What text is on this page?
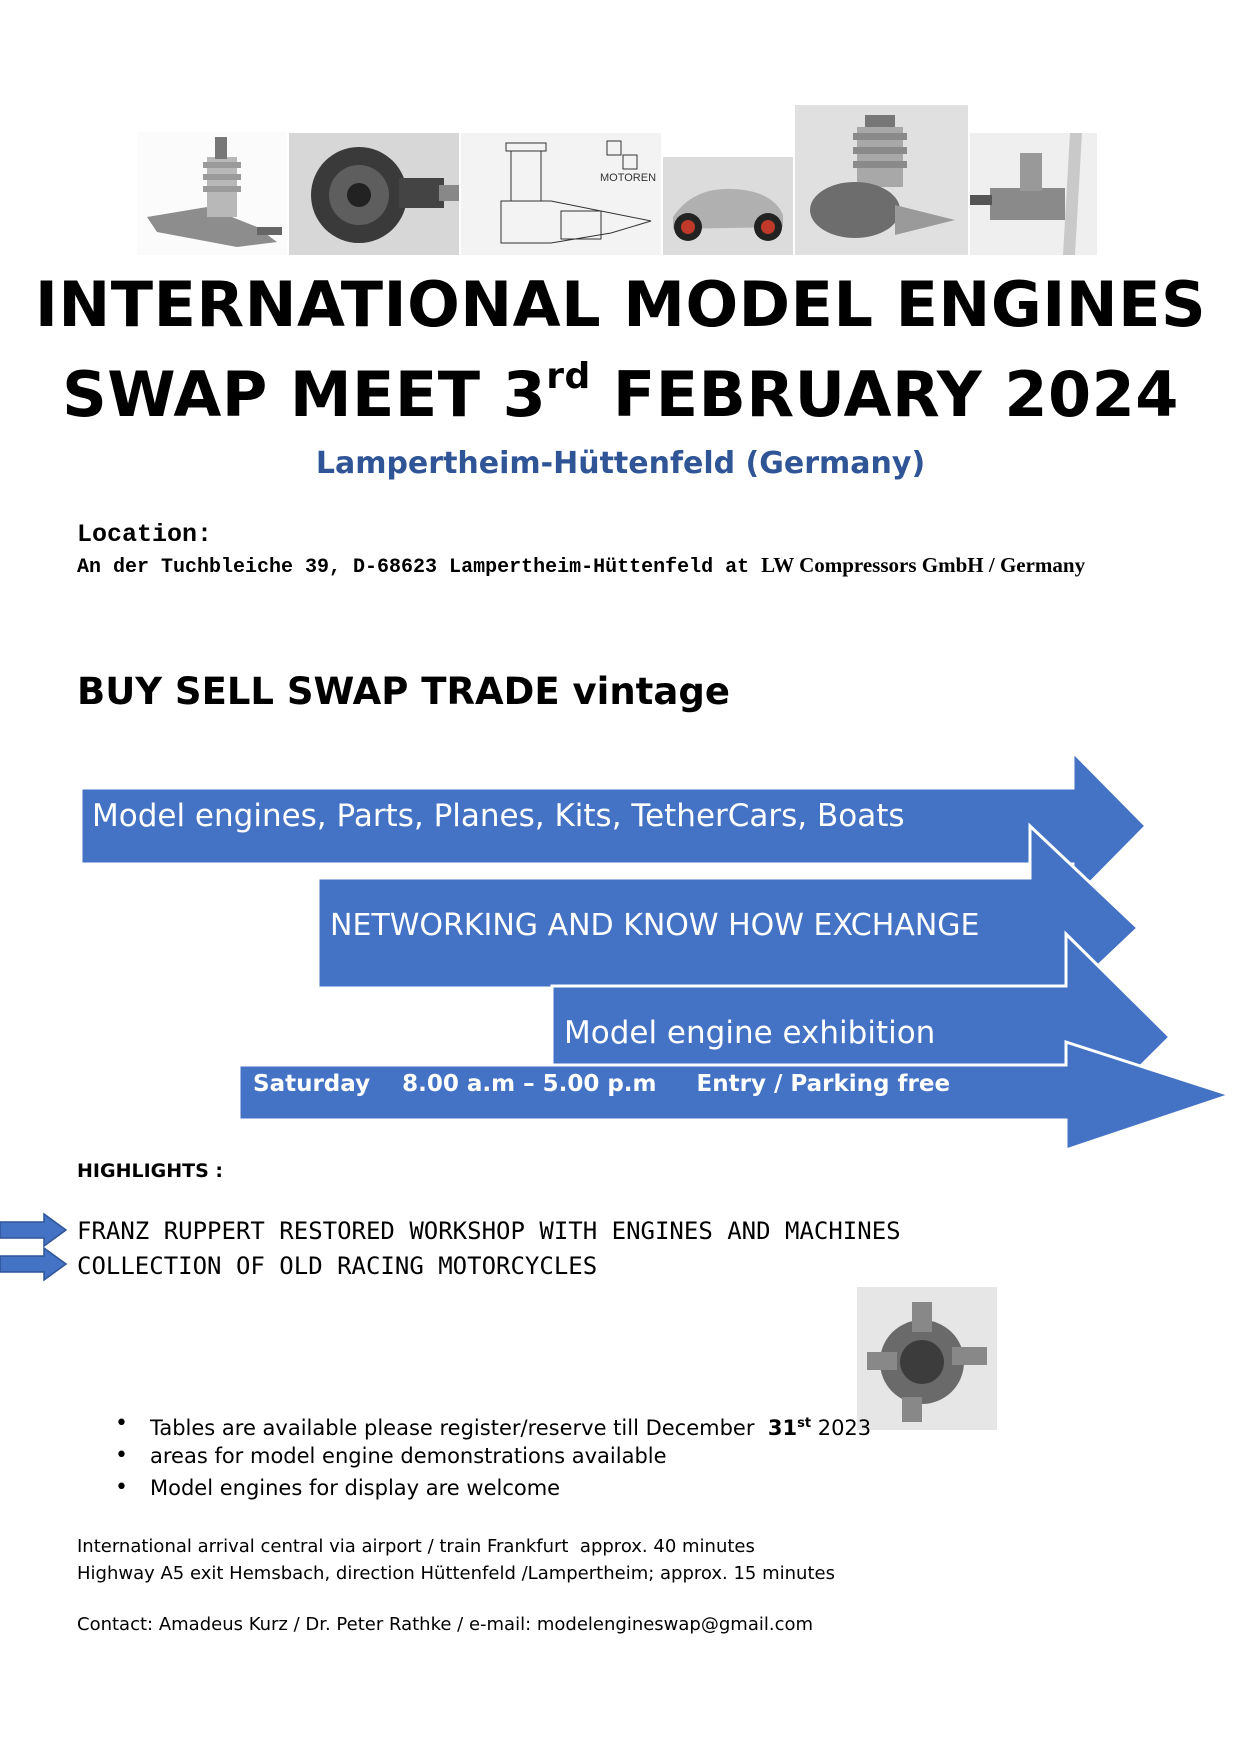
MOTOREN
INTERNATIONAL MODEL ENGINES
SWAP MEET 3rd FEBRUARY 2024
Lampertheim-Hüttenfeld (Germany)
Location:
An der Tuchbleiche 39, D-68623 Lampertheim-Hüttenfeld at LW Compressors GmbH / Germany
BUY SELL SWAP TRADE vintage
Model engines, Parts, Planes, Kits, TetherCars, Boats
NETWORKING AND KNOW HOW EXCHANGE
Model engine exhibition
Saturday    8.00 a.m – 5.00 p.m     Entry / Parking free
HIGHLIGHTS :
FRANZ RUPPERT RESTORED WORKSHOP WITH ENGINES AND MACHINES
COLLECTION OF OLD RACING MOTORCYCLES
• Tables are available please register/reserve till December  31st 2023
• areas for model engine demonstrations available
• Model engines for display are welcome
International arrival central via airport / train Frankfurt  approx. 40 minutes
Highway A5 exit Hemsbach, direction Hüttenfeld /Lampertheim; approx. 15 minutes
Contact: Amadeus Kurz / Dr. Peter Rathke / e-mail: modelengineswap@gmail.com
